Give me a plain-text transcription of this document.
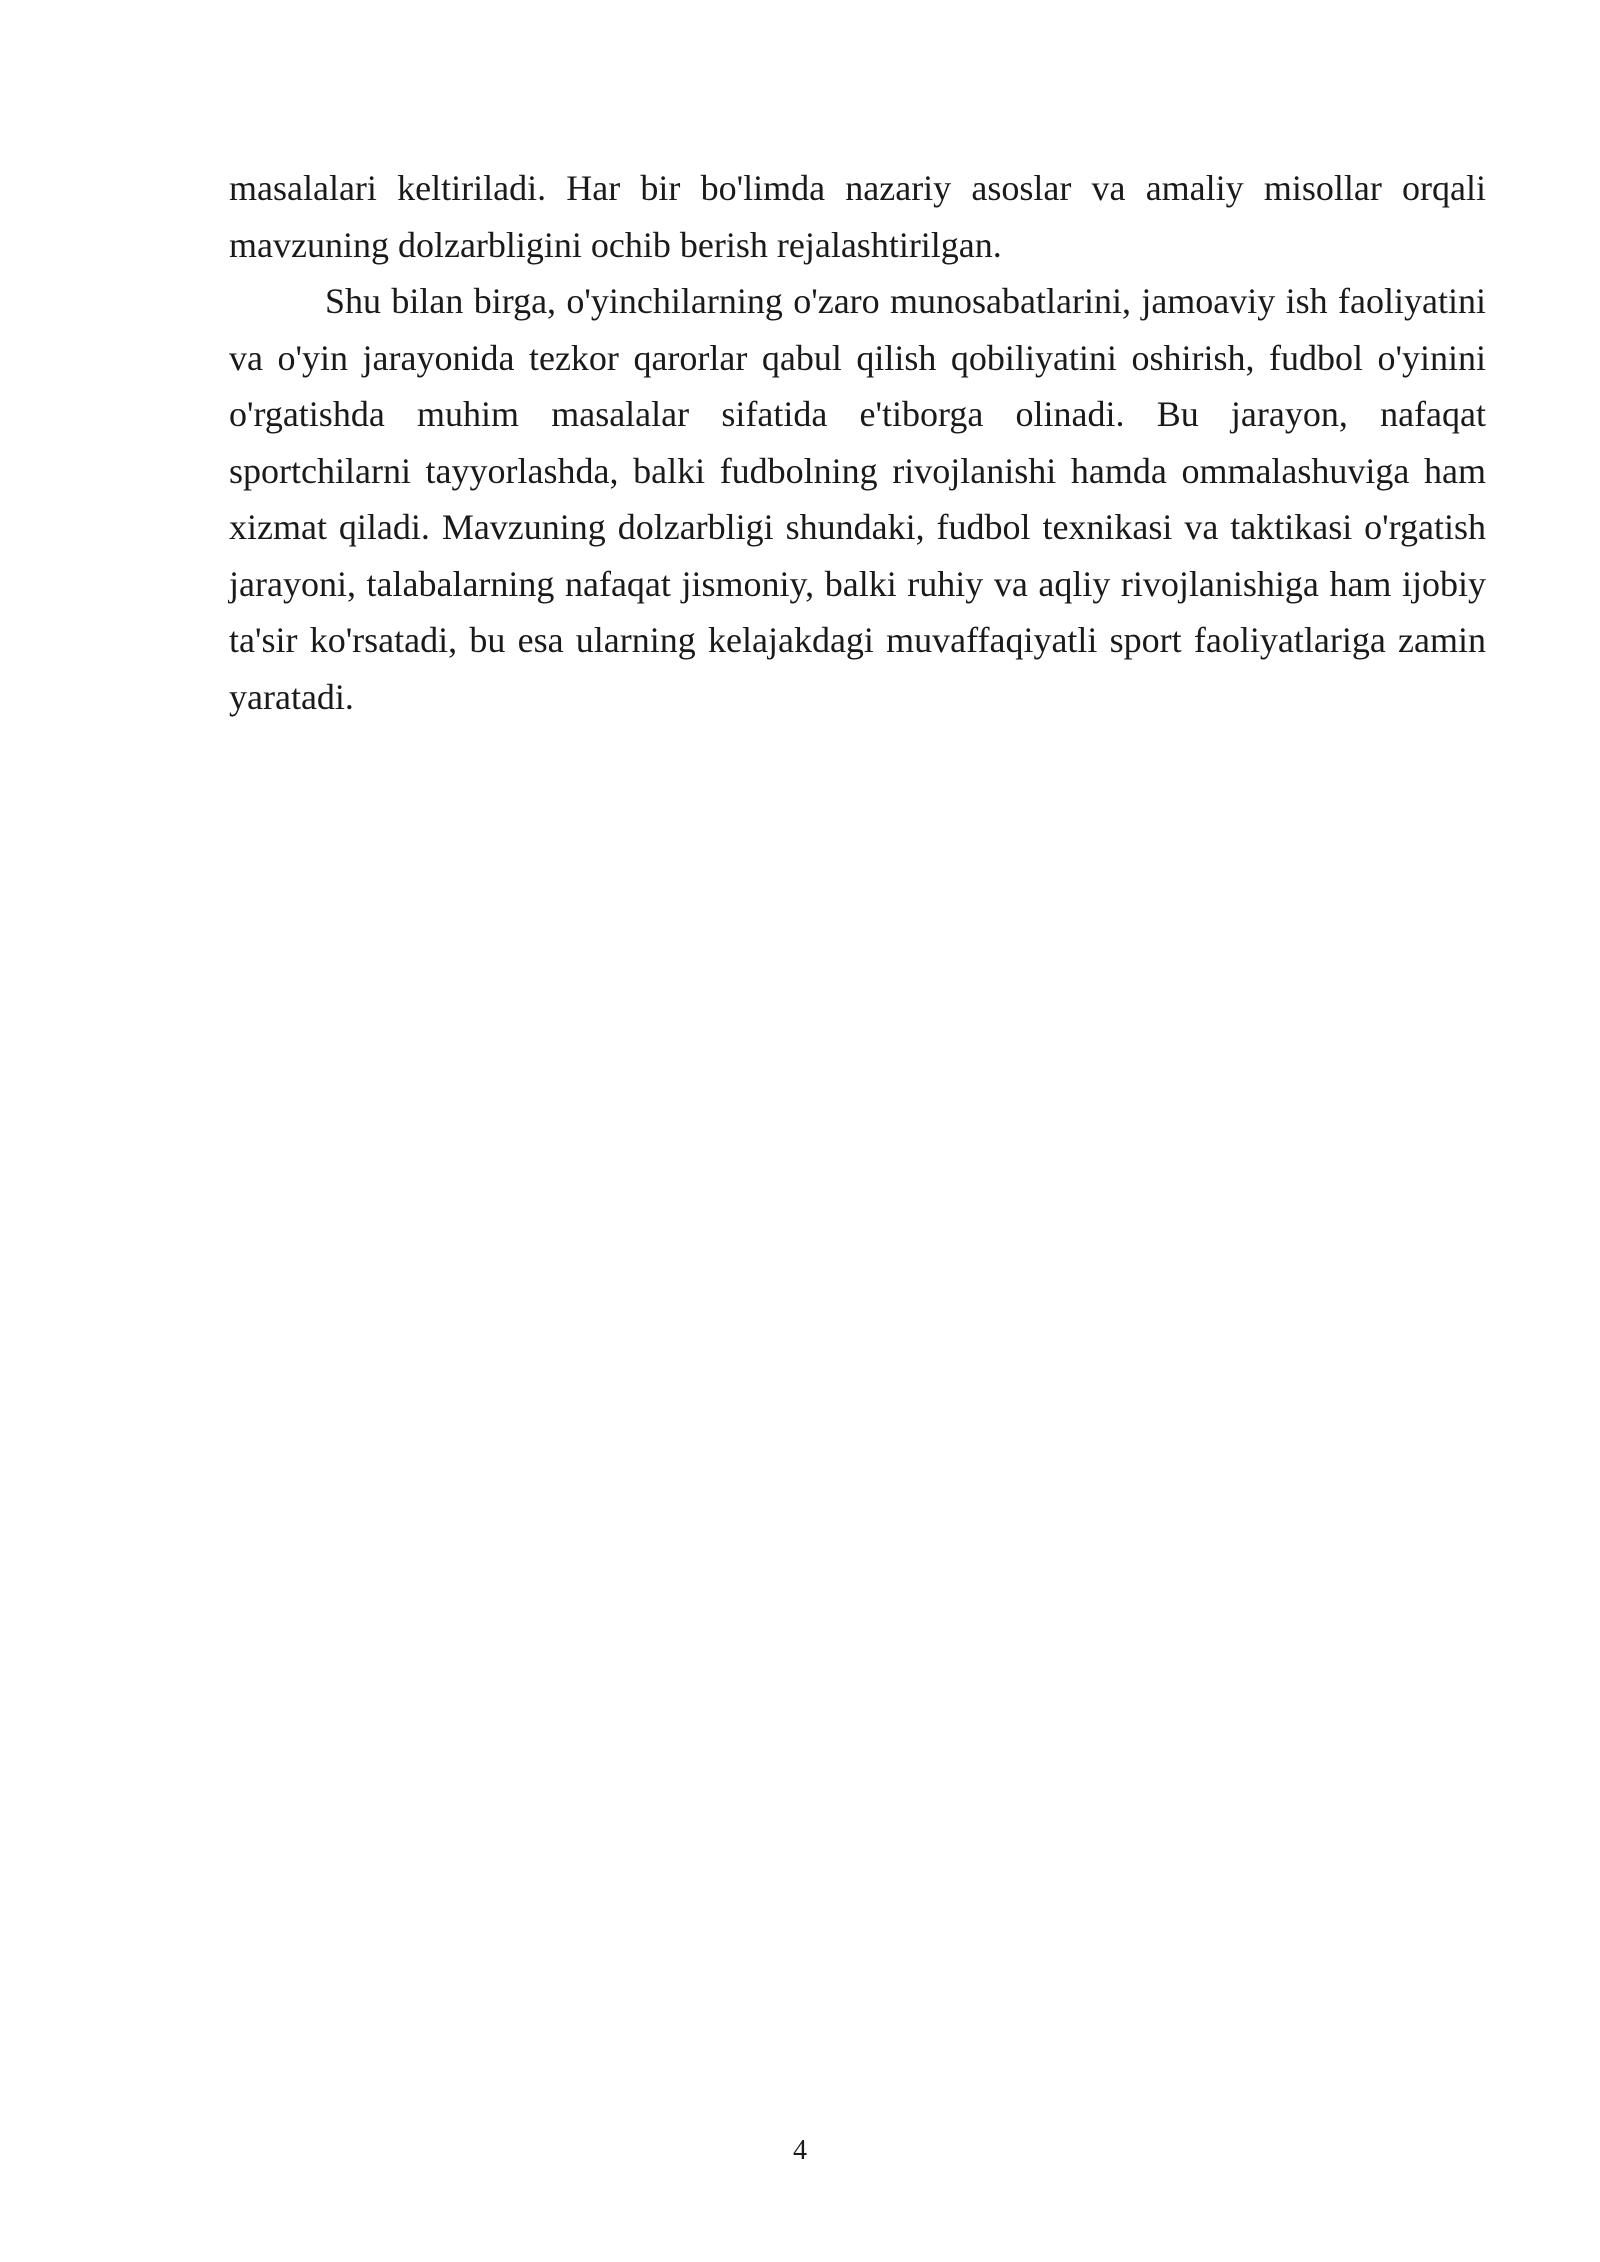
masalalari keltiriladi. Har bir bo'limda nazariy asoslar va amaliy misollar orqali mavzuning dolzarbligini ochib berish rejalashtirilgan.

Shu bilan birga, o'yinchilarning o'zaro munosabatlarini, jamoaviy ish faoliyatini va o'yin jarayonida tezkor qarorlar qabul qilish qobiliyatini oshirish, fudbol o'yinini o'rgatishda muhim masalalar sifatida e'tiborga olinadi. Bu jarayon, nafaqat sportchilarni tayyorlashda, balki fudbolning rivojlanishi hamda ommalashuviga ham xizmat qiladi. Mavzuning dolzarbligi shundaki, fudbol texnikasi va taktikasi o'rgatish jarayoni, talabalarning nafaqat jismoniy, balki ruhiy va aqliy rivojlanishiga ham ijobiy ta'sir ko'rsatadi, bu esa ularning kelajakdagi muvaffaqiyatli sport faoliyatlariga zamin yaratadi.

4
